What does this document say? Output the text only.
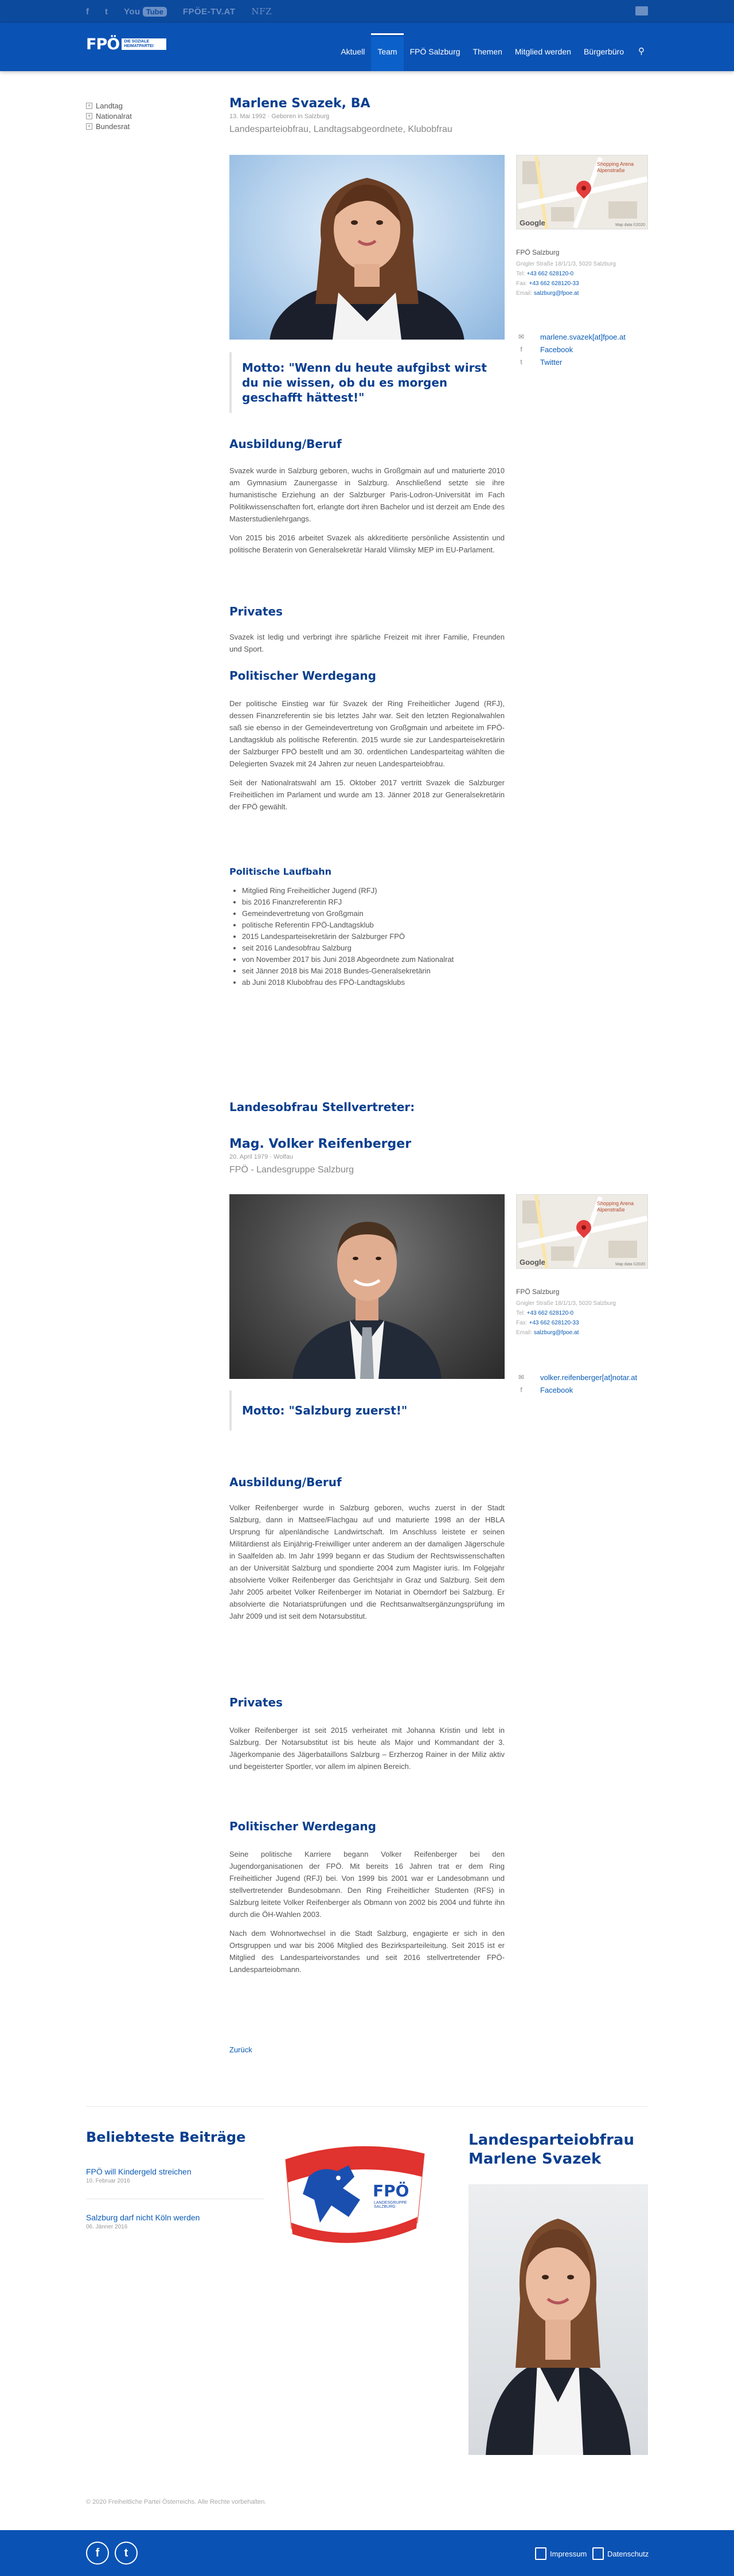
f t You Tube	FPÖE-TV.AT NFZ
FPÖ	DIE SOZIALE HEIMATPARTEI
Aktuell	Team	FPÖ Salzburg	Themen	Mitglied werden	Bürgerbüro	⚲
+ Landtag
+ Nationalrat
+ Bundesrat
Marlene Svazek, BA
13. Mai 1992 · Geboren in Salzburg
Landesparteiobfrau, Landtagsabgeordnete, Klubobfrau
Motto: "Wenn du heute aufgibst wirst du nie wissen, ob du es morgen geschafft hättest!"
Ausbildung/Beruf

Svazek wurde in Salzburg geboren, wuchs in Großgmain auf und maturierte 2010 am Gymnasium Zaunergasse in Salzburg. Anschließend setzte sie ihre humanistische Erziehung an der Salzburger Paris-Lodron-Universität im Fach Politikwissenschaften fort, erlangte dort ihren Bachelor und ist derzeit am Ende des Masterstudienlehrgangs.

Von 2015 bis 2016 arbeitet Svazek als akkreditierte persönliche Assistentin und politische Beraterin von Generalsekretär Harald Vilimsky MEP im EU-Parlament.

Privates

Svazek ist ledig und verbringt ihre spärliche Freizeit mit ihrer Familie, Freunden und Sport.

Politischer Werdegang

Der politische Einstieg war für Svazek der Ring Freiheitlicher Jugend (RFJ), dessen Finanzreferentin sie bis letztes Jahr war. Seit den letzten Regionalwahlen saß sie ebenso in der Gemeindevertretung von Großgmain und arbeitete im FPÖ-Landtagsklub als politische Referentin. 2015 wurde sie zur Landesparteisekretärin der Salzburger FPÖ bestellt und am 30. ordentlichen Landesparteitag wählten die Delegierten Svazek mit 24 Jahren zur neuen Landesparteiobfrau.

Seit der Nationalratswahl am 15. Oktober 2017 vertritt Svazek die Salzburger Freiheitlichen im Parlament und wurde am 13. Jänner 2018 zur Generalsekretärin der FPÖ gewählt.

Politische Laufbahn
• Mitglied Ring Freiheitlicher Jugend (RFJ)
• bis 2016 Finanzreferentin RFJ
• Gemeindevertretung von Großgmain
• politische Referentin FPÖ-Landtagsklub
• 2015 Landesparteisekretärin der Salzburger FPÖ
• seit 2016 Landesobfrau Salzburg
• von November 2017 bis Juni 2018 Abgeordnete zum Nationalrat
• seit Jänner 2018 bis Mai 2018 Bundes-Generalsekretärin
• ab Juni 2018 Klubobfrau des FPÖ-Landtagsklubs
Shopping Arena Alpenstraße
Google	Map data ©2020
FPÖ Salzburg
Gnigler Straße 18/1/1/3, 5020 Salzburg
Tel: +43 662 628120-0
Fax: +43 662 628120-33
Email: salzburg@fpoe.at
✉	marlene.svazek[at]fpoe.at
f	Facebook
t	Twitter
Landesobfrau Stellvertreter:
Mag. Volker Reifenberger
20. April 1979 · Wolfau
FPÖ - Landesgruppe Salzburg
Motto: "Salzburg zuerst!"
Ausbildung/Beruf

Volker Reifenberger wurde in Salzburg geboren, wuchs zuerst in der Stadt Salzburg, dann in Mattsee/Flachgau auf und maturierte 1998 an der HBLA Ursprung für alpenländische Landwirtschaft. Im Anschluss leistete er seinen Militärdienst als Einjährig-Freiwilliger unter anderem an der damaligen Jägerschule in Saalfelden ab. Im Jahr 1999 begann er das Studium der Rechtswissenschaften an der Universität Salzburg und spondierte 2004 zum Magister iuris. Im Folgejahr absolvierte Volker Reifenberger das Gerichtsjahr in Graz und Salzburg. Seit dem Jahr 2005 arbeitet Volker Reifenberger im Notariat in Oberndorf bei Salzburg. Er absolvierte die Notariatsprüfungen und die Rechtsanwaltsergänzungsprüfung im Jahr 2009 und ist seit dem Notarsubstitut.

Privates

Volker Reifenberger ist seit 2015 verheiratet mit Johanna Kristin und lebt in Salzburg. Der Notarsubstitut ist bis heute als Major und Kommandant der 3. Jägerkompanie des Jägerbataillons Salzburg – Erzherzog Rainer in der Miliz aktiv und begeisterter Sportler, vor allem im alpinen Bereich.

Politischer Werdegang

Seine politische Karriere begann Volker Reifenberger bei den Jugendorganisationen der FPÖ. Mit bereits 16 Jahren trat er dem Ring Freiheitlicher Jugend (RFJ) bei. Von 1999 bis 2001 war er Landesobmann und stellvertretender Bundesobmann. Den Ring Freiheitlicher Studenten (RFS) in Salzburg leitete Volker Reifenberger als Obmann von 2002 bis 2004 und führte ihn durch die ÖH-Wahlen 2003.

Nach dem Wohnortwechsel in die Stadt Salzburg, engagierte er sich in den Ortsgruppen und war bis 2006 Mitglied des Bezirksparteileitung. Seit 2015 ist er Mitglied des Landesparteivorstandes und seit 2016 stellvertretender FPÖ-Landesparteiobmann.

Zurück
Shopping Arena Alpenstraße
Google	Map data ©2020
FPÖ Salzburg
Gnigler Straße 18/1/1/3, 5020 Salzburg
Tel: +43 662 628120-0
Fax: +43 662 628120-33
Email: salzburg@fpoe.at
✉	volker.reifenberger[at]notar.at
f	Facebook
Beliebteste Beiträge
FPÖ will Kindergeld streichen
10. Februar 2016
Salzburg darf nicht Köln werden
06. Jänner 2016
FPÖ
LANDESGRUPPE SALZBURG
Landesparteiobfrau Marlene Svazek
© 2020 Freiheitliche Partei Österreichs. Alle Rechte vorbehalten.
f	t	Impressum	Datenschutz
